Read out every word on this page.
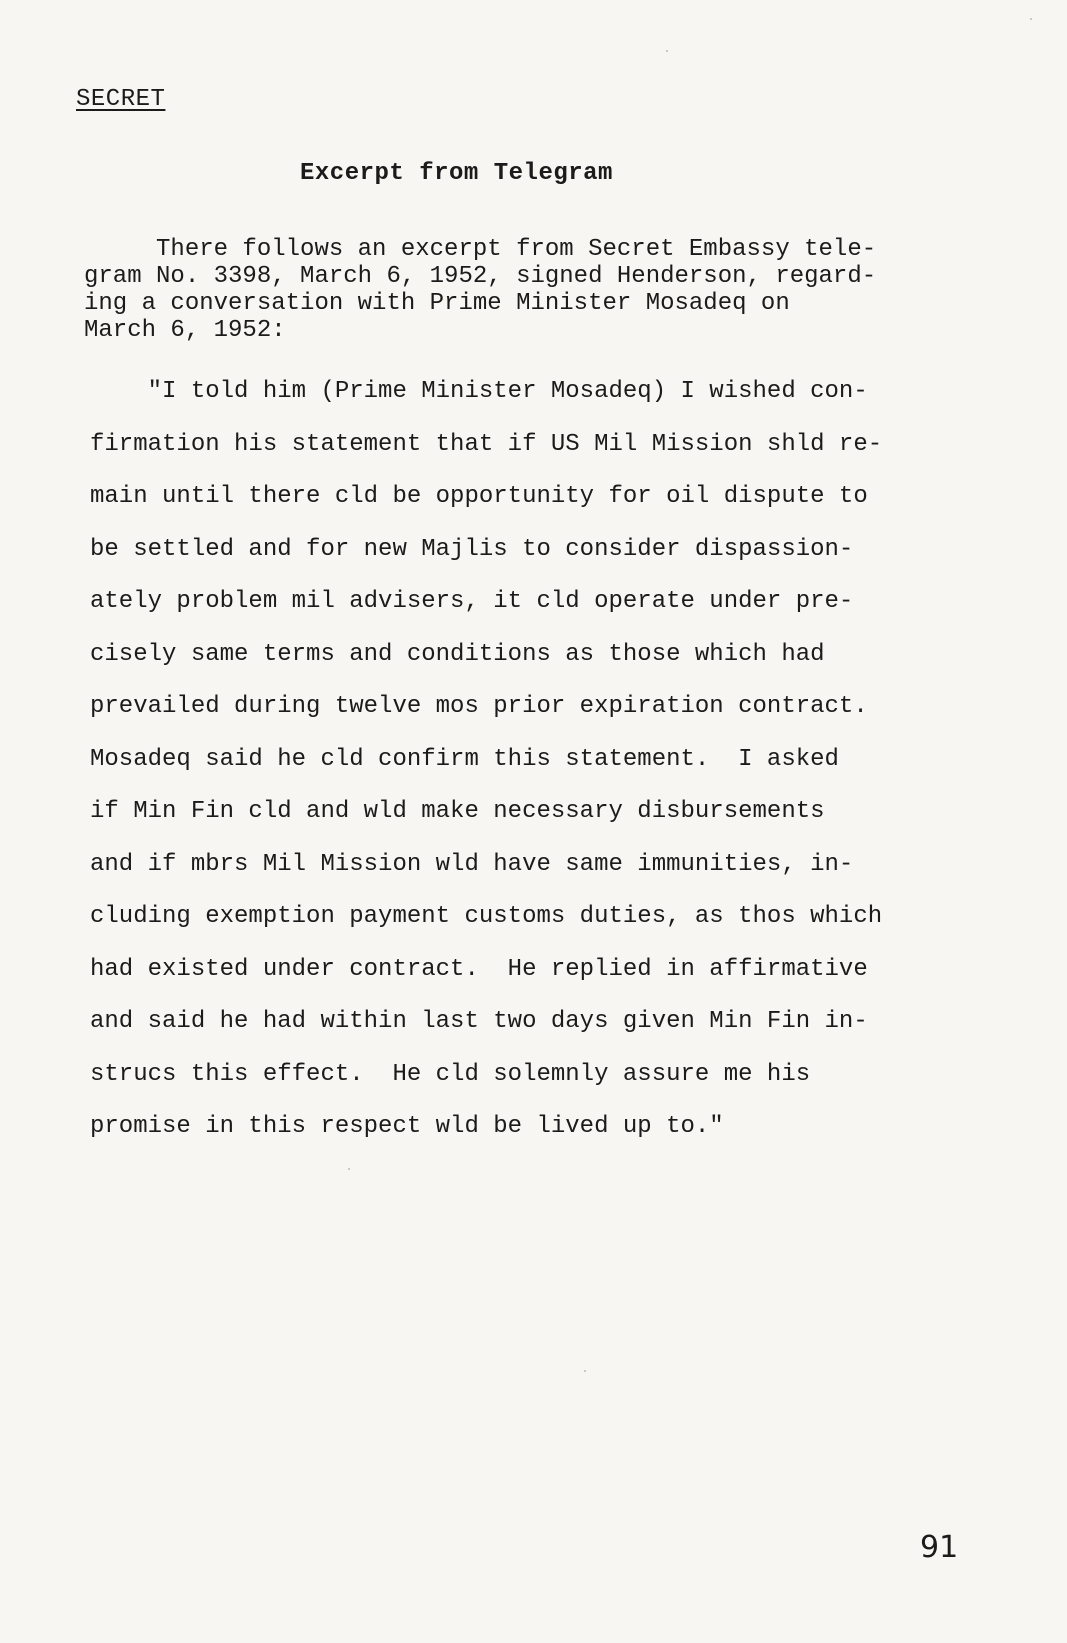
SECRET
Excerpt from Telegram
There follows an excerpt from Secret Embassy tele-
gram No. 3398, March 6, 1952, signed Henderson, regard-
ing a conversation with Prime Minister Mosadeq on
March 6, 1952:
"I told him (Prime Minister Mosadeq) I wished con-
firmation his statement that if US Mil Mission shld re-
main until there cld be opportunity for oil dispute to
be settled and for new Majlis to consider dispassion-
ately problem mil advisers, it cld operate under pre-
cisely same terms and conditions as those which had
prevailed during twelve mos prior expiration contract.
Mosadeq said he cld confirm this statement.  I asked
if Min Fin cld and wld make necessary disbursements
and if mbrs Mil Mission wld have same immunities, in-
cluding exemption payment customs duties, as thos which
had existed under contract.  He replied in affirmative
and said he had within last two days given Min Fin in-
strucs this effect.  He cld solemnly assure me his
promise in this respect wld be lived up to."
91
